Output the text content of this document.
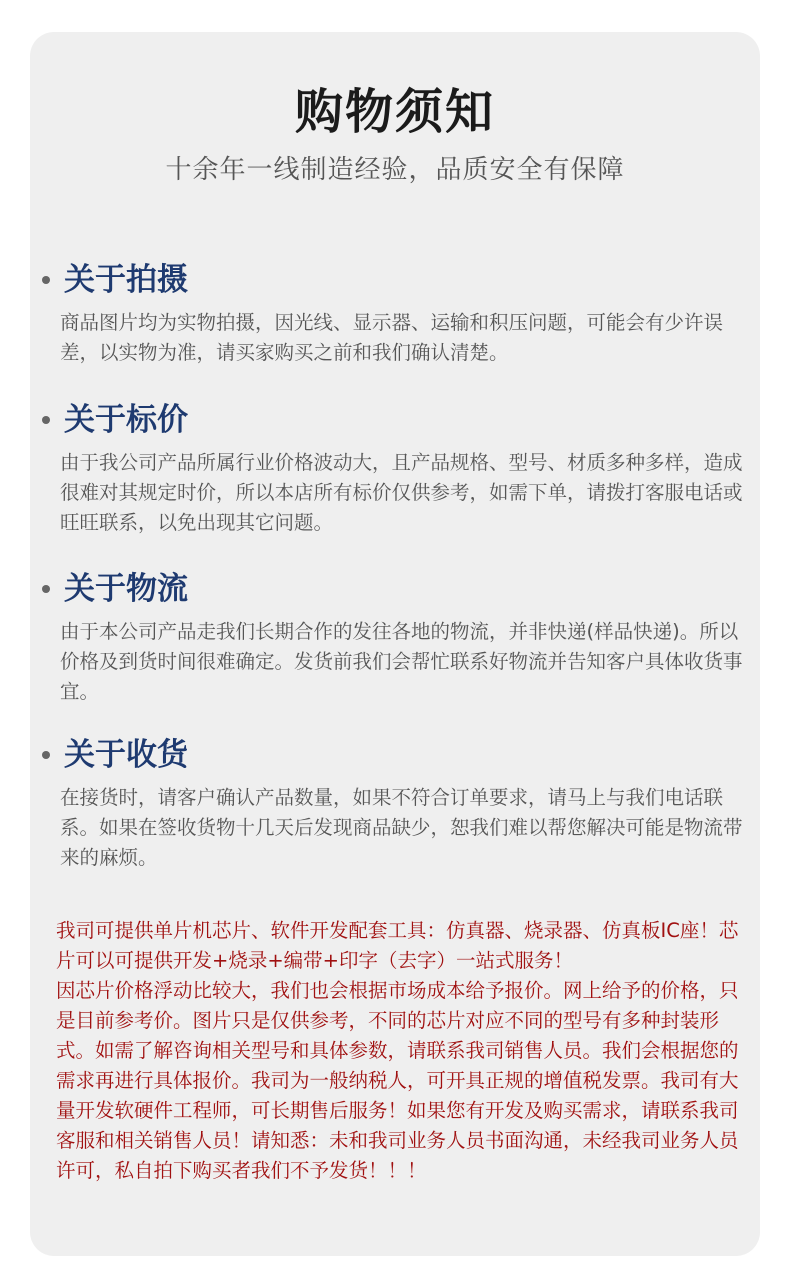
购物须知
十余年一线制造经验，品质安全有保障
关于拍摄
商品图片均为实物拍摄，因光线、显示器、运输和积压问题，可能会有少许误差，以实物为准，请买家购买之前和我们确认清楚。
关于标价
由于我公司产品所属行业价格波动大，且产品规格、型号、材质多种多样，造成很难对其规定时价，所以本店所有标价仅供参考，如需下单，请拨打客服电话或旺旺联系，以免出现其它问题。
关于物流
由于本公司产品走我们长期合作的发往各地的物流，并非快递(样品快递)。所以价格及到货时间很难确定。发货前我们会帮忙联系好物流并告知客户具体收货事宜。
关于收货
在接货时，请客户确认产品数量，如果不符合订单要求，请马上与我们电话联系。如果在签收货物十几天后发现商品缺少，恕我们难以帮您解决可能是物流带来的麻烦。
我司可提供单片机芯片、软件开发配套工具：仿真器、烧录器、仿真板IC座！芯片可以可提供开发+烧录+编带+印字（去字）一站式服务！
因芯片价格浮动比较大，我们也会根据市场成本给予报价。网上给予的价格，只是目前参考价。图片只是仅供参考，不同的芯片对应不同的型号有多种封装形式。如需了解咨询相关型号和具体参数，请联系我司销售人员。我们会根据您的需求再进行具体报价。我司为一般纳税人，可开具正规的增值税发票。我司有大量开发软硬件工程师，可长期售后服务！如果您有开发及购买需求，请联系我司客服和相关销售人员！请知悉：未和我司业务人员书面沟通，未经我司业务人员许可，私自拍下购买者我们不予发货！！！
